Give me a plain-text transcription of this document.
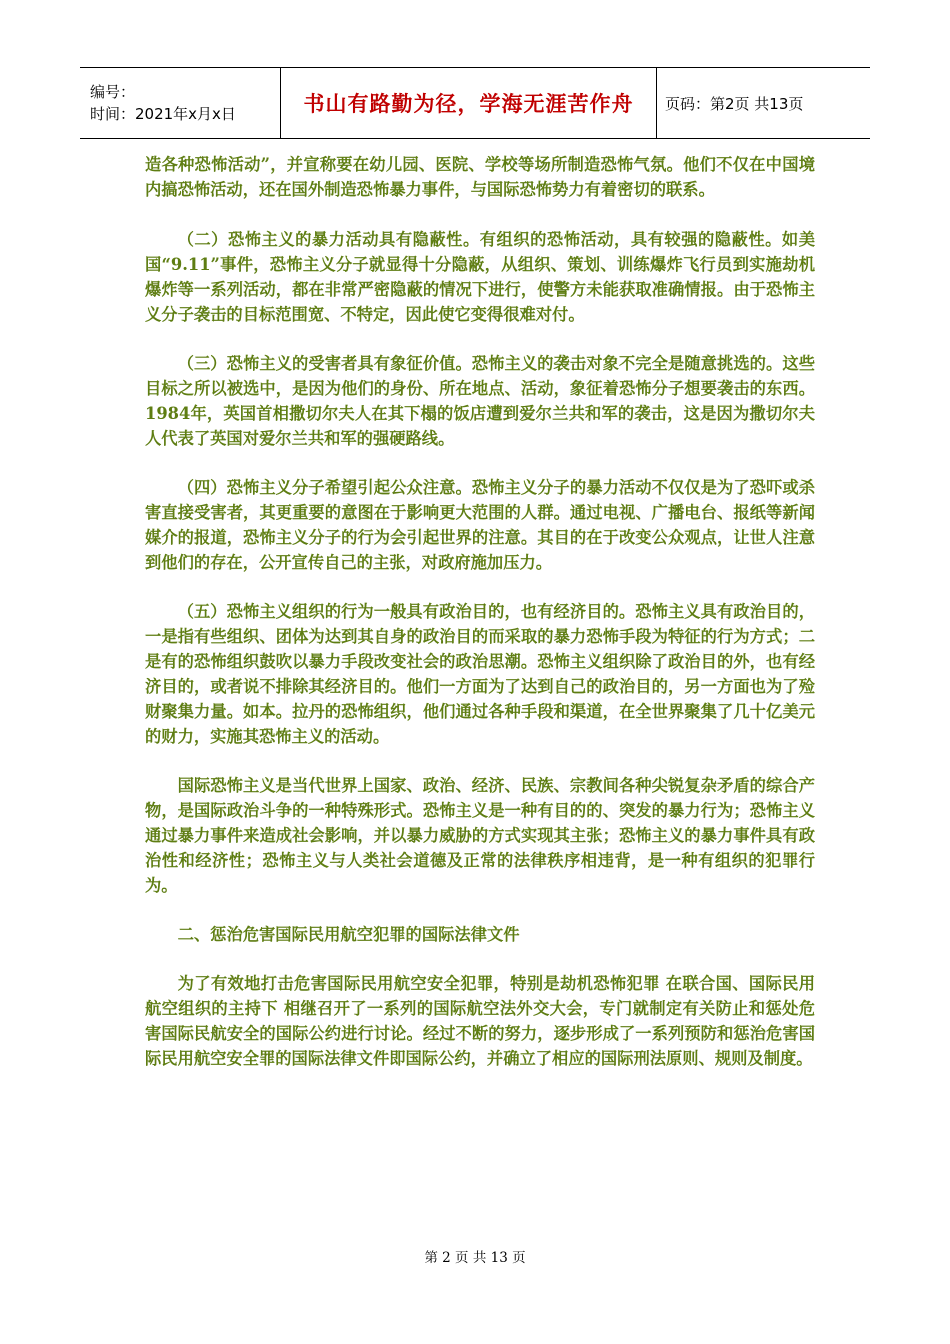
编号：
时间：2021年x月x日	书山有路勤为径，学海无涯苦作舟	页码：第2页 共13页

造各种恐怖活动”，并宣称要在幼儿园、医院、学校等场所制造恐怖气氛。他们不仅在中国境内搞恐怖活动，还在国外制造恐怖暴力事件，与国际恐怖势力有着密切的联系。

（二）恐怖主义的暴力活动具有隐蔽性。有组织的恐怖活动，具有较强的隐蔽性。如美国“9.11”事件，恐怖主义分子就显得十分隐蔽，从组织、策划、训练爆炸飞行员到实施劫机爆炸等一系列活动，都在非常严密隐蔽的情况下进行，使警方未能获取准确情报。由于恐怖主义分子袭击的目标范围宽、不特定，因此使它变得很难对付。

（三）恐怖主义的受害者具有象征价值。恐怖主义的袭击对象不完全是随意挑选的。这些目标之所以被选中，是因为他们的身份、所在地点、活动，象征着恐怖分子想要袭击的东西。1984年，英国首相撒切尔夫人在其下榻的饭店遭到爱尔兰共和军的袭击，这是因为撒切尔夫人代表了英国对爱尔兰共和军的强硬路线。

（四）恐怖主义分子希望引起公众注意。恐怖主义分子的暴力活动不仅仅是为了恐吓或杀害直接受害者，其更重要的意图在于影响更大范围的人群。通过电视、广播电台、报纸等新闻媒介的报道，恐怖主义分子的行为会引起世界的注意。其目的在于改变公众观点，让世人注意到他们的存在，公开宣传自己的主张，对政府施加压力。

（五）恐怖主义组织的行为一般具有政治目的，也有经济目的。恐怖主义具有政治目的，一是指有些组织、团体为达到其自身的政治目的而采取的暴力恐怖手段为特征的行为方式；二是有的恐怖组织鼓吹以暴力手段改变社会的政治思潮。恐怖主义组织除了政治目的外，也有经济目的，或者说不排除其经济目的。他们一方面为了达到自己的政治目的，另一方面也为了殓财聚集力量。如本。拉丹的恐怖组织，他们通过各种手段和渠道，在全世界聚集了几十亿美元的财力，实施其恐怖主义的活动。

国际恐怖主义是当代世界上国家、政治、经济、民族、宗教间各种尖锐复杂矛盾的综合产物，是国际政治斗争的一种特殊形式。恐怖主义是一种有目的的、突发的暴力行为；恐怖主义通过暴力事件来造成社会影响，并以暴力威胁的方式实现其主张；恐怖主义的暴力事件具有政治性和经济性；恐怖主义与人类社会道德及正常的法律秩序相违背，是一种有组织的犯罪行为。

二、惩治危害国际民用航空犯罪的国际法律文件

为了有效地打击危害国际民用航空安全犯罪，特别是劫机恐怖犯罪 在联合国、国际民用航空组织的主持下 相继召开了一系列的国际航空法外交大会，专门就制定有关防止和惩处危害国际民航安全的国际公约进行讨论。经过不断的努力，逐步形成了一系列预防和惩治危害国际民用航空安全罪的国际法律文件即国际公约，并确立了相应的国际刑法原则、规则及制度。

第 2 页 共 13 页
